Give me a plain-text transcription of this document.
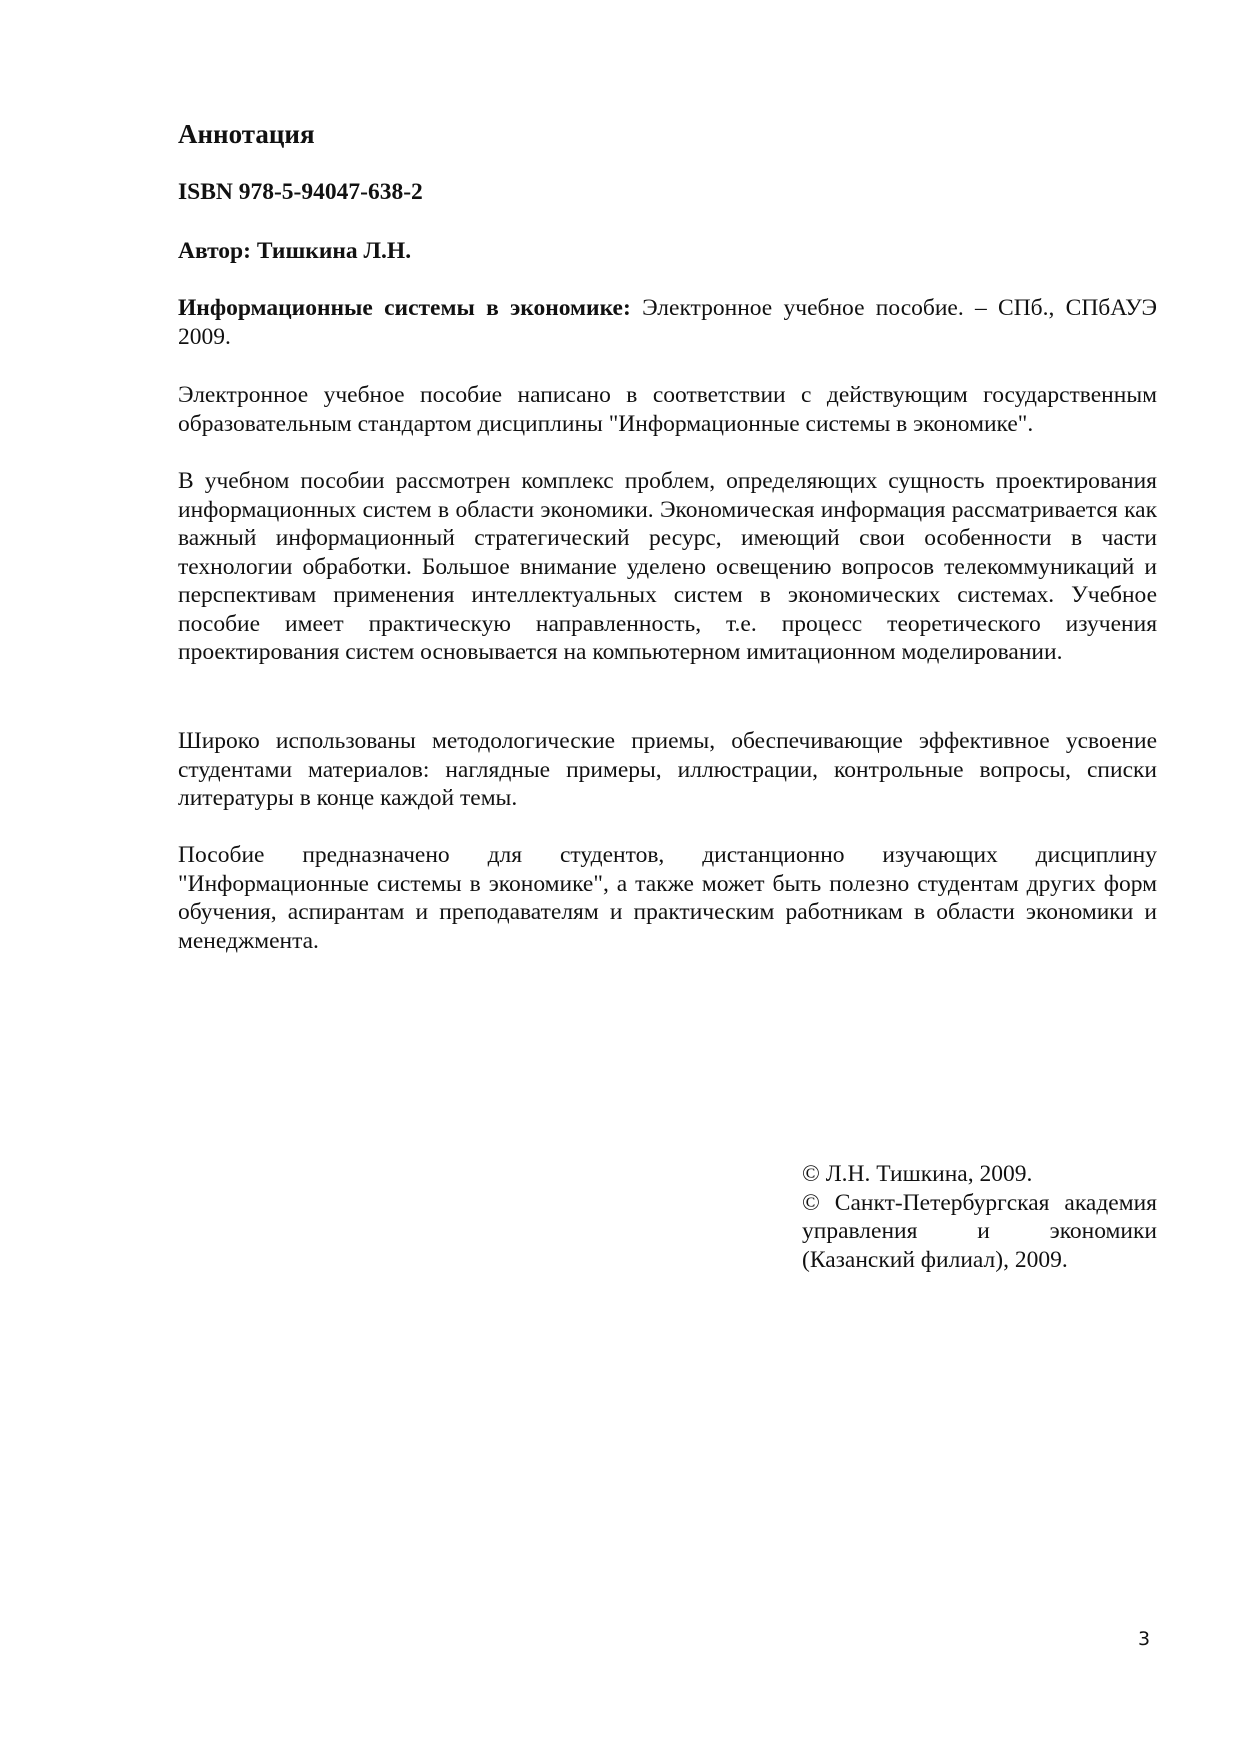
Аннотация

ISBN 978-5-94047-638-2

Автор: Тишкина Л.Н.

Информационные системы в экономике: Электронное учебное пособие. – СПб., СПбАУЭ 2009.

Электронное учебное пособие написано в соответствии с действующим государственным образовательным стандартом дисциплины "Информационные системы в экономике".

В учебном пособии рассмотрен комплекс проблем, определяющих сущность проектирования информационных систем в области экономики. Экономическая информация рассматривается как важный информационный стратегический ресурс, имеющий свои особенности в части технологии обработки. Большое внимание уделено освещению вопросов телекоммуникаций и перспективам применения интеллектуальных систем в экономических системах. Учебное пособие имеет практическую направленность, т.е. процесс теоретического изучения проектирования систем основывается на компьютерном имитационном моделировании.

Широко использованы методологические приемы, обеспечивающие эффективное усвоение студентами материалов: наглядные примеры, иллюстрации, контрольные вопросы, списки литературы в конце каждой темы.

Пособие предназначено для студентов, дистанционно изучающих дисциплину "Информационные системы в экономике", а также может быть полезно студентам других форм обучения, аспирантам и преподавателям и практическим работникам в области экономики и менеджмента.

© Л.Н. Тишкина, 2009.
© Санкт-Петербургская академия управления и экономики (Казанский филиал), 2009.

3
